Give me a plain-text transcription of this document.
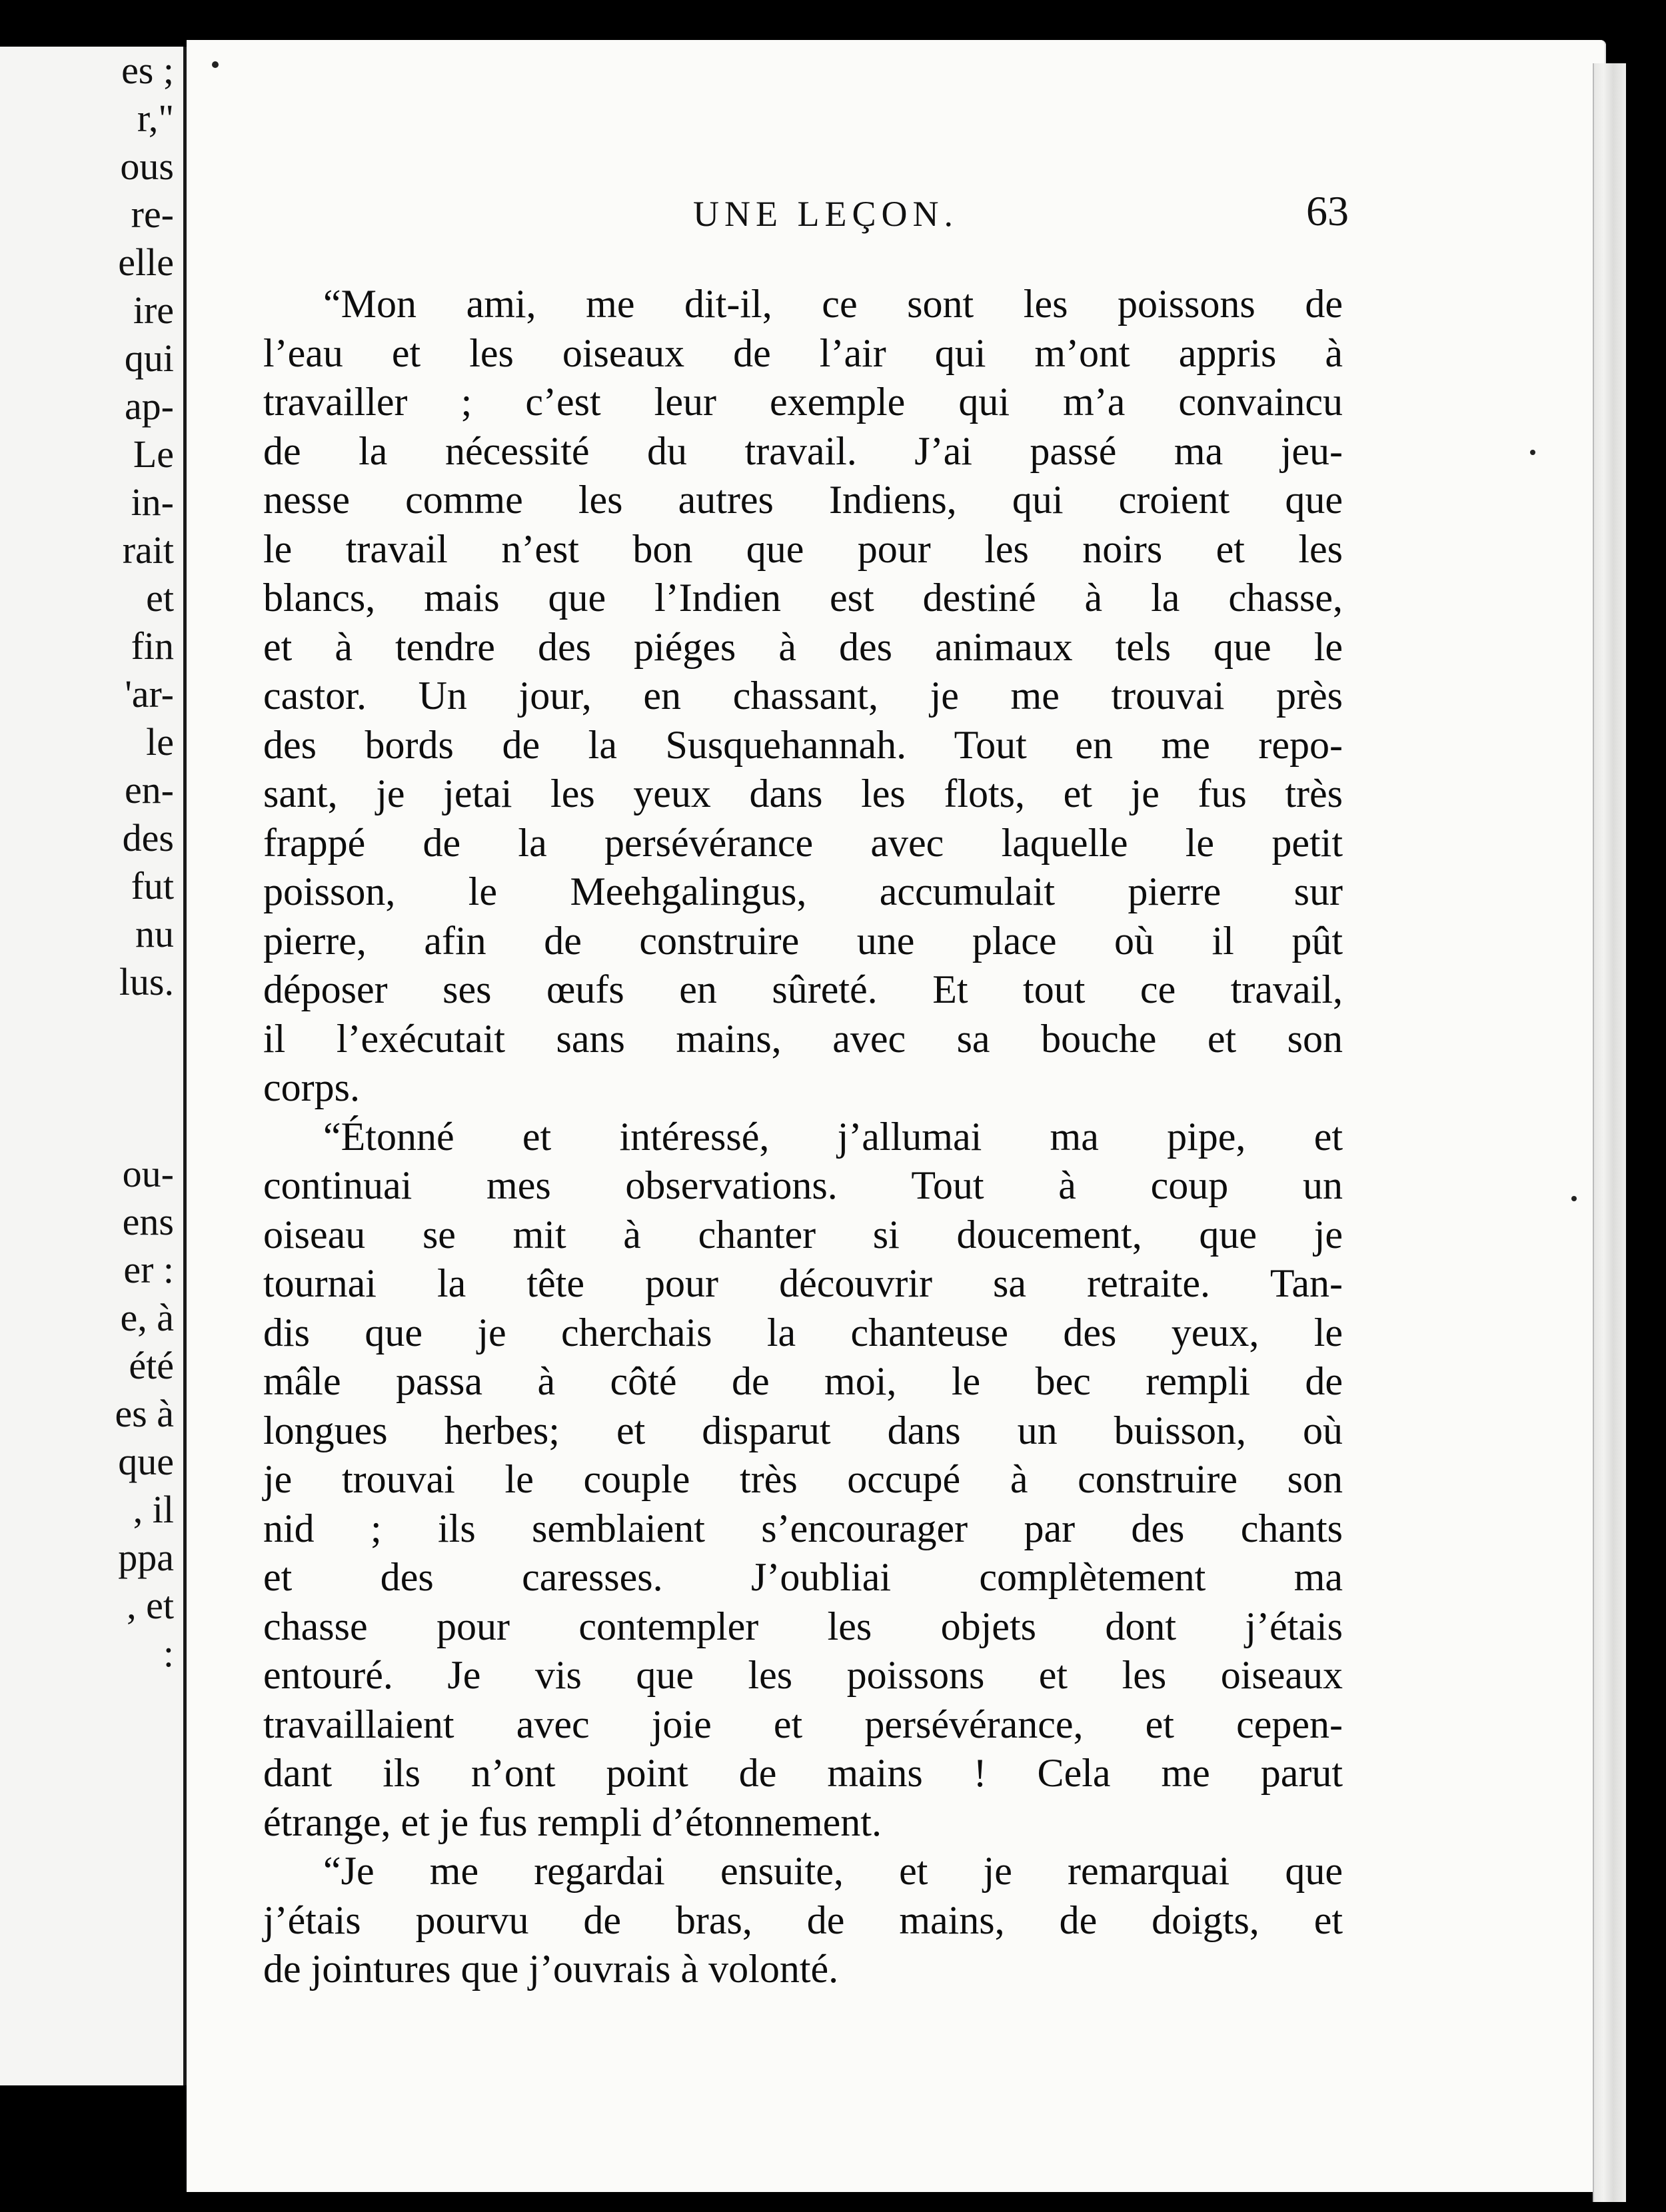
es ;
r,"
ous
re-
elle
ire
qui
ap-
Le
in-
rait
et
fin
'ar-
le
en-
des
fut
nu
lus.
ou-
ens
er :
e, à
été
es à
que
, il
ppa
, et
:
UNE LEÇON.	63
“Mon ami, me dit-il, ce sont les poissons de
l’eau et les oiseaux de l’air qui m’ont appris à
travailler ; c’est leur exemple qui m’a convaincu
de la nécessité du travail. J’ai passé ma jeu-
nesse comme les autres Indiens, qui croient que
le travail n’est bon que pour les noirs et les
blancs, mais que l’Indien est destiné à la chasse,
et à tendre des piéges à des animaux tels que le
castor. Un jour, en chassant, je me trouvai près
des bords de la Susquehannah. Tout en me repo-
sant, je jetai les yeux dans les flots, et je fus très
frappé de la persévérance avec laquelle le petit
poisson, le Meehgalingus, accumulait pierre sur
pierre, afin de construire une place où il pût
déposer ses œufs en sûreté. Et tout ce travail,
il l’exécutait sans mains, avec sa bouche et son
corps.
“Étonné et intéressé, j’allumai ma pipe, et
continuai mes observations. Tout à coup un
oiseau se mit à chanter si doucement, que je
tournai la tête pour découvrir sa retraite. Tan-
dis que je cherchais la chanteuse des yeux, le
mâle passa à côté de moi, le bec rempli de
longues herbes; et disparut dans un buisson, où
je trouvai le couple très occupé à construire son
nid ; ils semblaient s’encourager par des chants
et des caresses. J’oubliai complètement ma
chasse pour contempler les objets dont j’étais
entouré. Je vis que les poissons et les oiseaux
travaillaient avec joie et persévérance, et cepen-
dant ils n’ont point de mains ! Cela me parut
étrange, et je fus rempli d’étonnement.
“Je me regardai ensuite, et je remarquai que
j’étais pourvu de bras, de mains, de doigts, et
de jointures que j’ouvrais à volonté.
